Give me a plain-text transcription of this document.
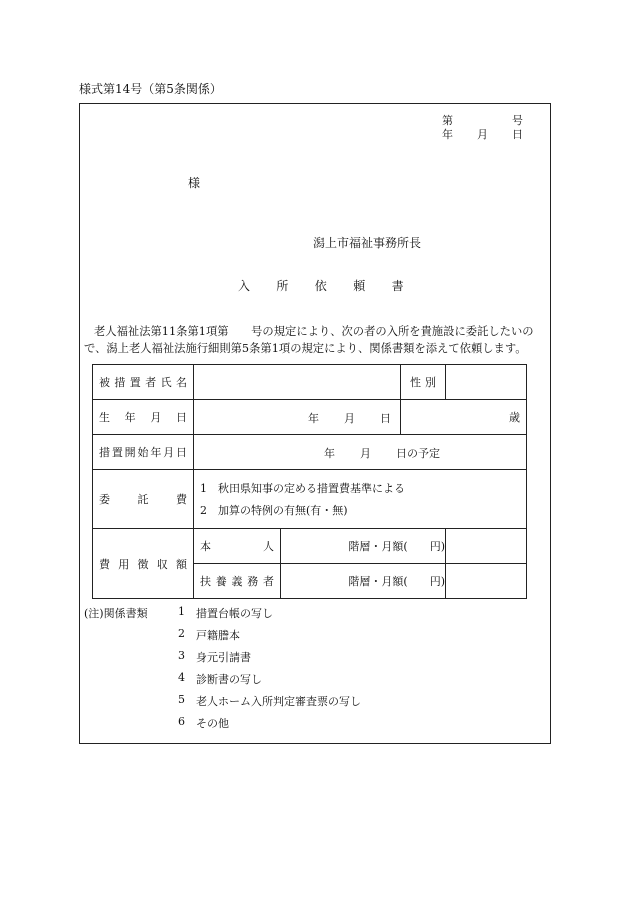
様式第14号（第5条関係）
第	号
年 月 日
様
潟上市福祉事務所長
入所依頼書
老人福祉法第11条第1項第　　号の規定により、次の者の入所を貴施設に委託したいの
で、潟上老人福祉法施行細則第5条第1項の規定により、関係書類を添えて依頼します。
被措置者氏名			性別	

生年月日	年 月 日		歳	

措置開始年月日	年 月 日の予定			

委託費	1　秋田県知事の定める措置費基準による
2　加算の特例の有無(有・無)			

費用徴収額	本人	階層・月額(　　円)		

	扶養義務者	階層・月額(　　円)		
(注)関係書類	1 措置台帳の写し
2 戸籍謄本
3 身元引請書
4 診断書の写し
5 老人ホーム入所判定審査票の写し
6 その他
